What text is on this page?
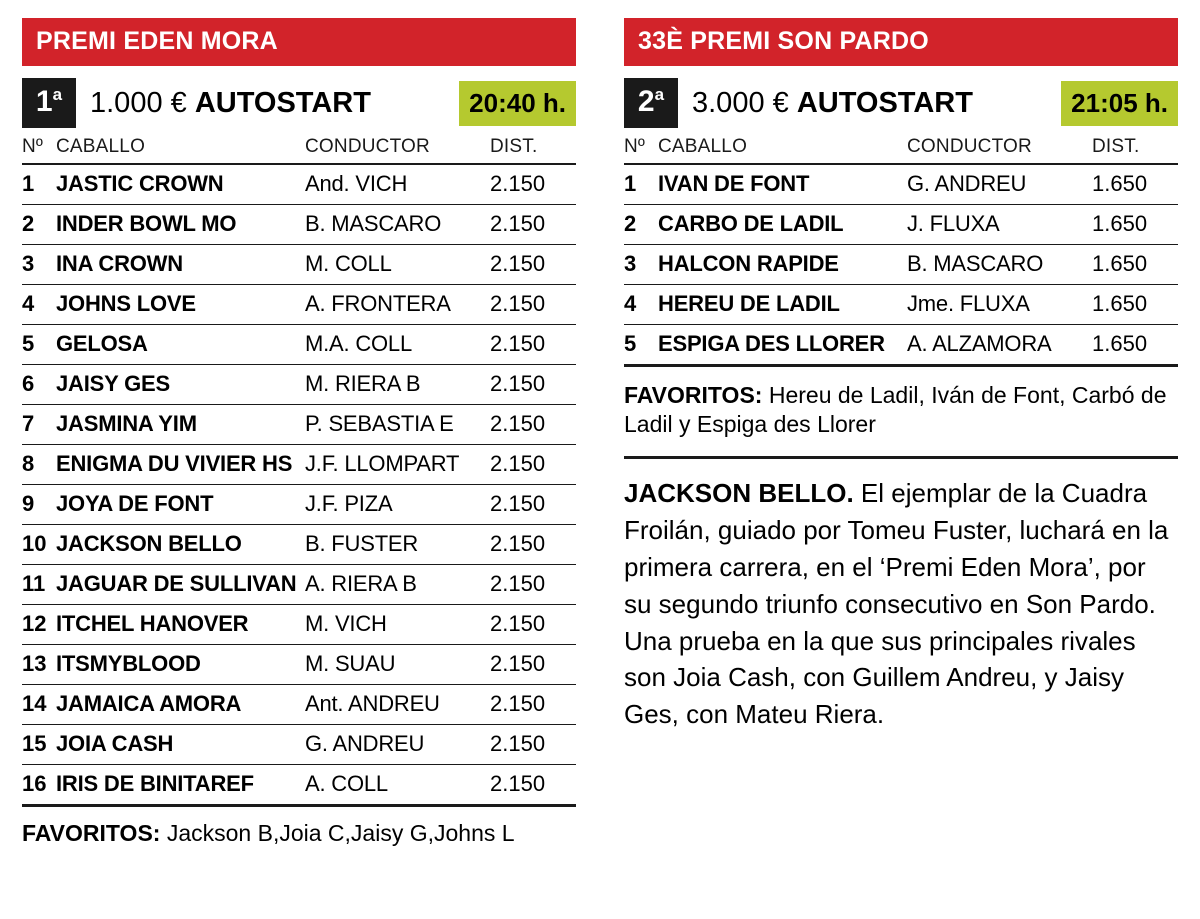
PREMI EDEN MORA
1$^a$ 1.000 € AUTOSTART	20:40 h.
Nº	CABALLO	CONDUCTOR	DIST.
1	JASTIC CROWN	And. VICH	2.150
2	INDER BOWL MO	B. MASCARO	2.150
3	INA CROWN	M. COLL	2.150
4	JOHNS LOVE	A. FRONTERA	2.150
5	GELOSA	M.A. COLL	2.150
6	JAISY GES	M. RIERA B	2.150
7	JASMINA YIM	P. SEBASTIA E	2.150
8	ENIGMA DU VIVIER HS	J.F. LLOMPART	2.150
9	JOYA DE FONT	J.F. PIZA	2.150
10	JACKSON BELLO	B. FUSTER	2.150
11	JAGUAR DE SULLIVAN	A. RIERA B	2.150
12	ITCHEL HANOVER	M. VICH	2.150
13	ITSMYBLOOD	M. SUAU	2.150
14	JAMAICA AMORA	Ant. ANDREU	2.150
15	JOIA CASH	G. ANDREU	2.150
16	IRIS DE BINITAREF	A. COLL	2.150
FAVORITOS: Jackson B,Joia C,Jaisy G,Johns L
33È PREMI SON PARDO
2$^a$ 3.000 € AUTOSTART	21:05 h.
Nº	CABALLO	CONDUCTOR	DIST.
1	IVAN DE FONT	G. ANDREU	1.650
2	CARBO DE LADIL	J. FLUXA	1.650
3	HALCON RAPIDE	B. MASCARO	1.650
4	HEREU DE LADIL	Jme. FLUXA	1.650
5	ESPIGA DES LLORER	A. ALZAMORA	1.650
FAVORITOS: Hereu de Ladil, Iván de Font, Carbó de Ladil y Espiga des Llorer
JACKSON BELLO. El ejemplar de la Cuadra Froilán, guiado por Tomeu Fuster, luchará en la primera carrera, en el ‘Premi Eden Mora’, por su segundo triunfo consecutivo en Son Pardo. Una prueba en la que sus principales rivales son Joia Cash, con Guillem Andreu, y Jaisy Ges, con Mateu Riera.
